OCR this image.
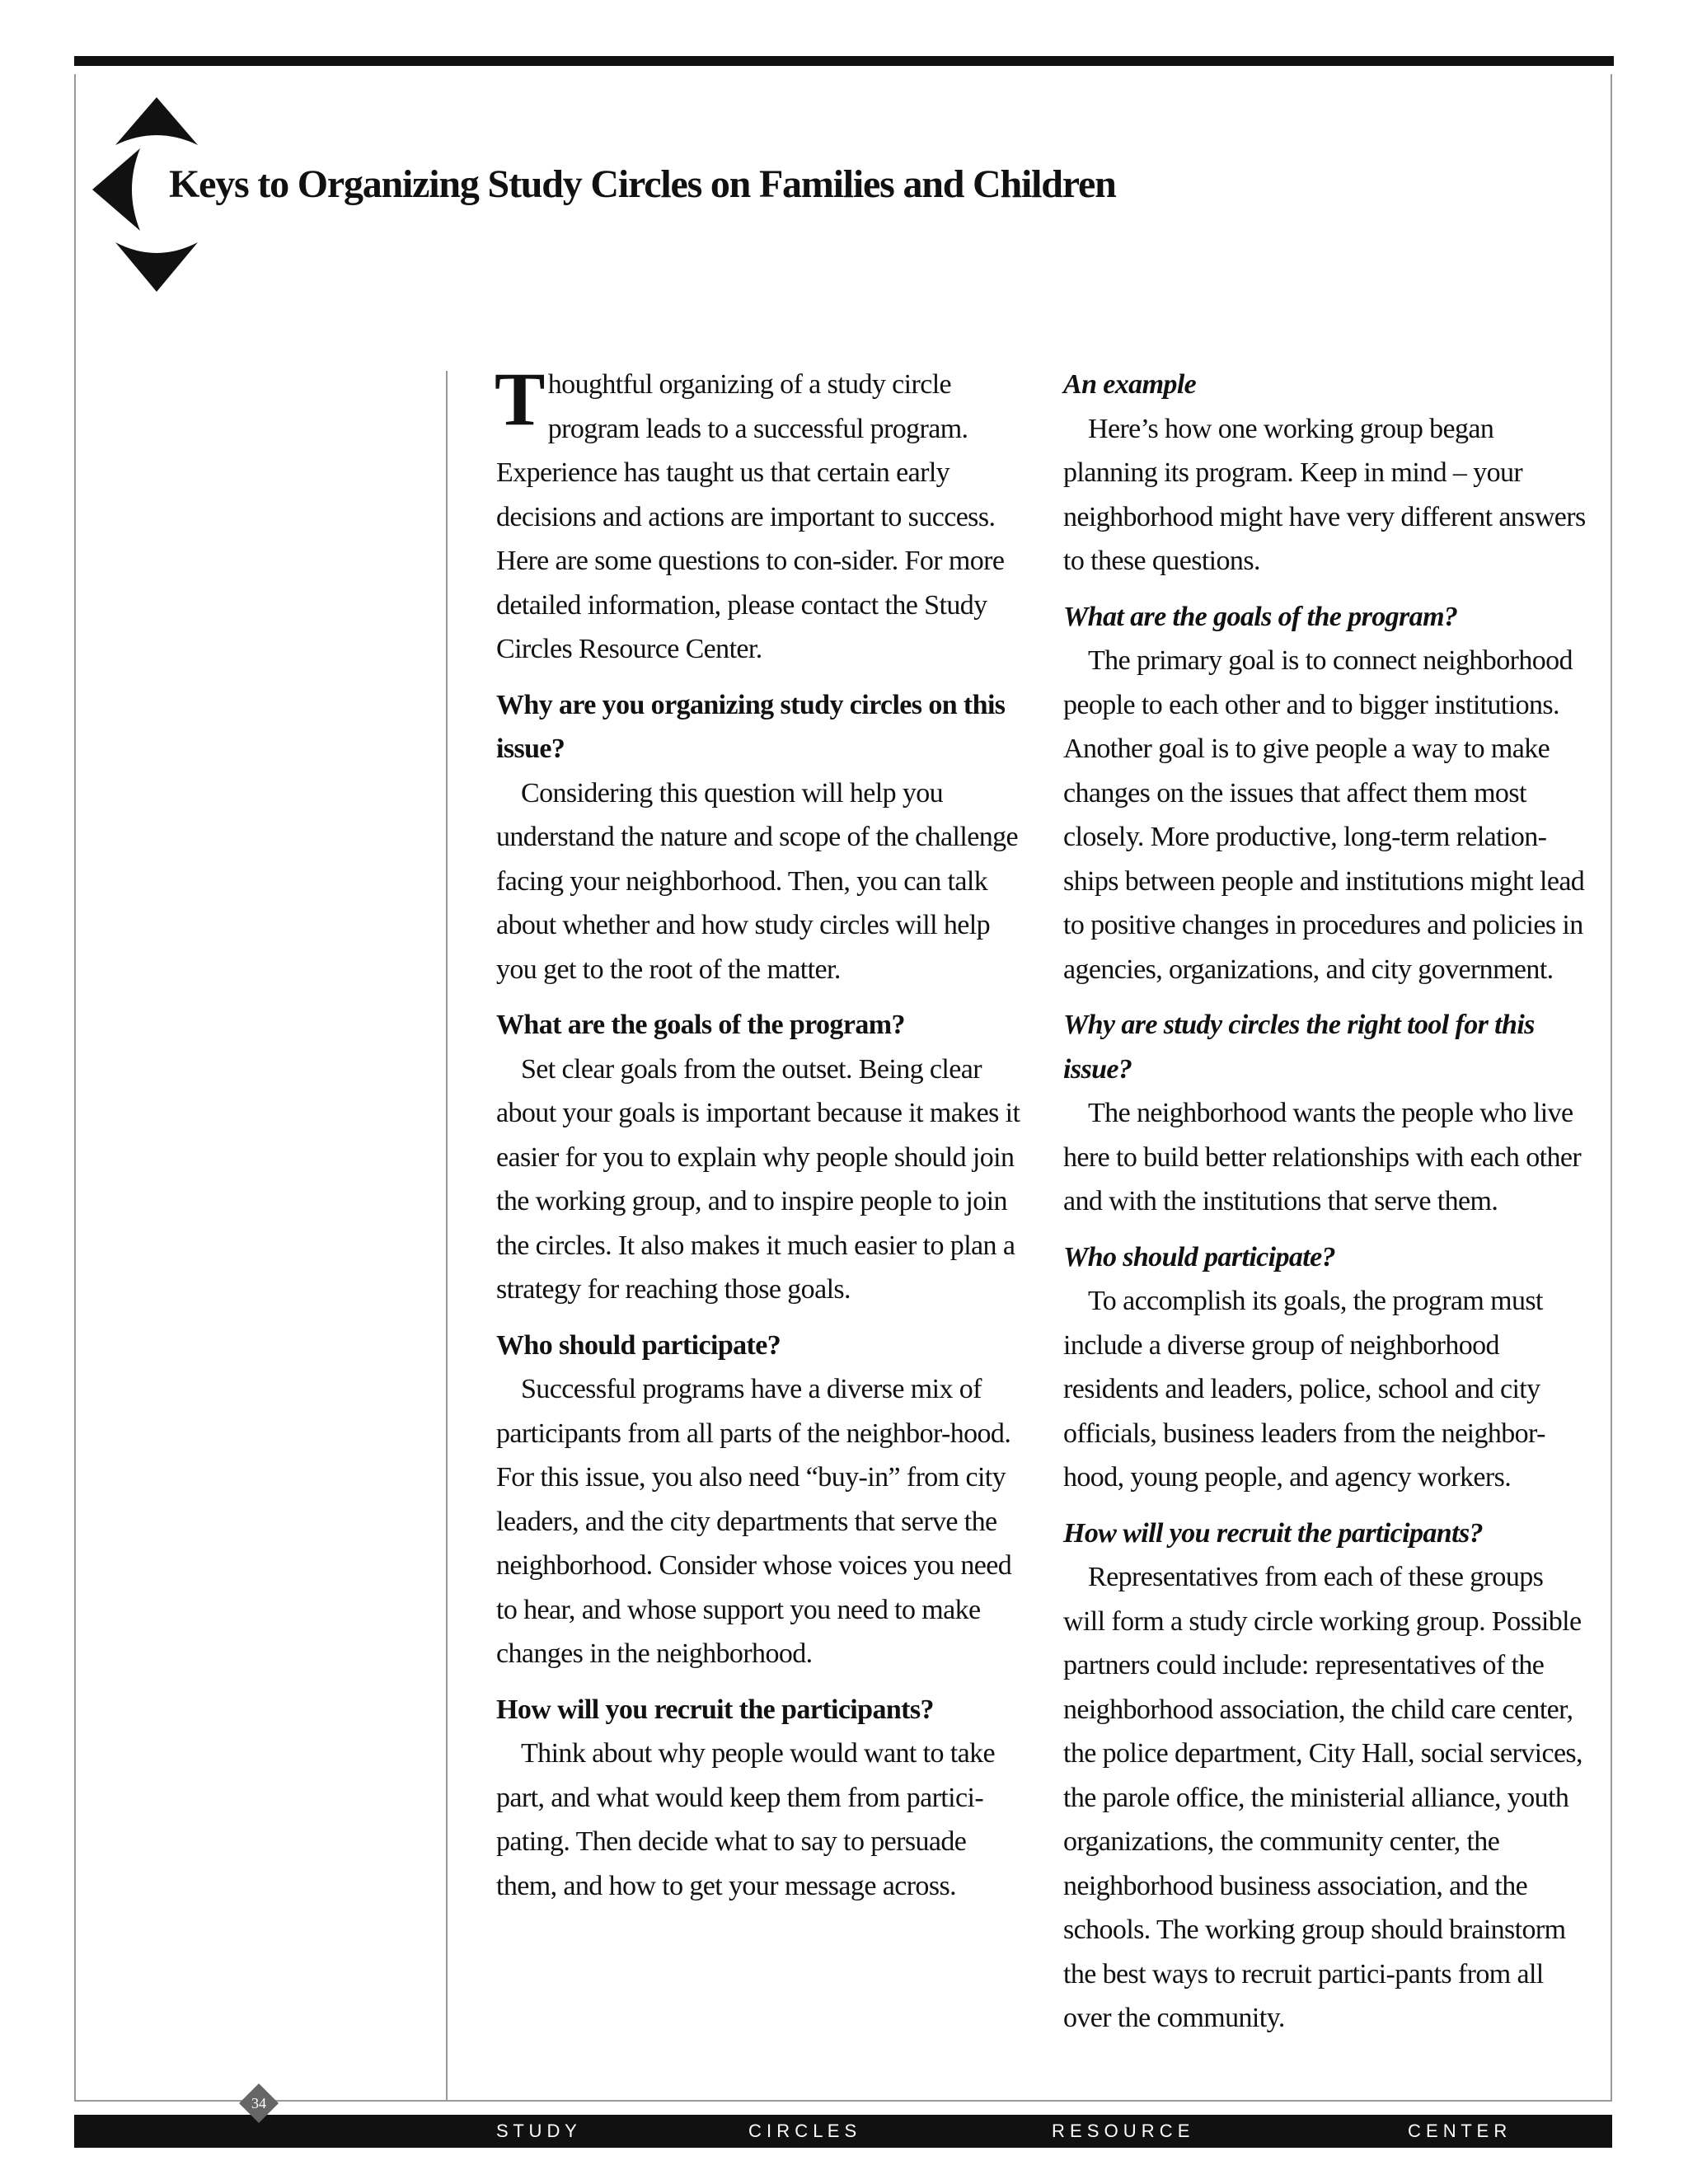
Keys to Organizing Study Circles on Families and Children

Thoughtful organizing of a study circle program leads to a successful program. Experience has taught us that certain early decisions and actions are important to success. Here are some questions to con-sider. For more detailed information, please contact the Study Circles Resource Center.

Why are you organizing study circles on this issue?

Considering this question will help you understand the nature and scope of the challenge facing your neighborhood. Then, you can talk about whether and how study circles will help you get to the root of the matter.

What are the goals of the program?

Set clear goals from the outset. Being clear about your goals is important because it makes it easier for you to explain why people should join the working group, and to inspire people to join the circles. It also makes it much easier to plan a strategy for reaching those goals.

Who should participate?

Successful programs have a diverse mix of participants from all parts of the neighbor-hood. For this issue, you also need “buy-in” from city leaders, and the city departments that serve the neighborhood. Consider whose voices you need to hear, and whose support you need to make changes in the neighborhood.

How will you recruit the participants?

Think about why people would want to take part, and what would keep them from partici-pating. Then decide what to say to persuade them, and how to get your message across.

An example

Here’s how one working group began planning its program. Keep in mind – your neighborhood might have very different answers to these questions.

What are the goals of the program?

The primary goal is to connect neighborhood people to each other and to bigger institutions. Another goal is to give people a way to make changes on the issues that affect them most closely. More productive, long-term relation-ships between people and institutions might lead to positive changes in procedures and policies in agencies, organizations, and city government.

Why are study circles the right tool for this issue?

The neighborhood wants the people who live here to build better relationships with each other and with the institutions that serve them.

Who should participate?

To accomplish its goals, the program must include a diverse group of neighborhood residents and leaders, police, school and city officials, business leaders from the neighbor-hood, young people, and agency workers.

How will you recruit the participants?

Representatives from each of these groups will form a study circle working group. Possible partners could include: representatives of the neighborhood association, the child care center, the police department, City Hall, social services, the parole office, the ministerial alliance, youth organizations, the community center, the neighborhood business association, and the schools. The working group should brainstorm the best ways to recruit partici-pants from all over the community.

S T U D Y	C I R C L E S	R E S O U R C E	C E N T E R
34
